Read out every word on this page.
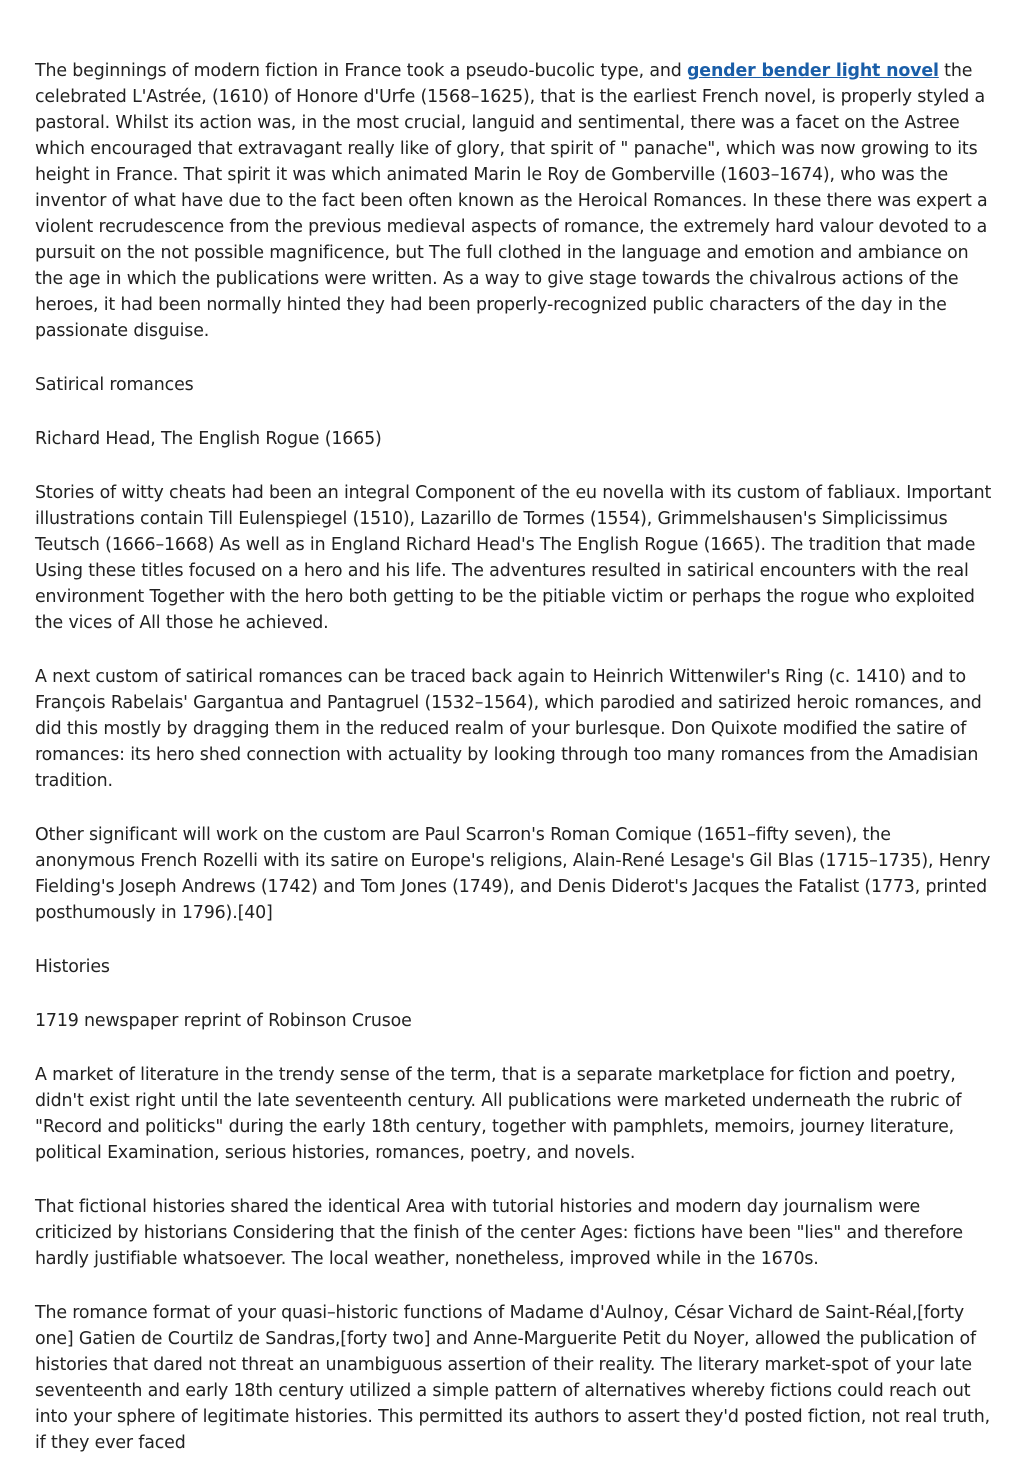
The beginnings of modern fiction in France took a pseudo-bucolic type, and gender bender light novel the celebrated L'Astrée, (1610) of Honore d'Urfe (1568–1625), that is the earliest French novel, is properly styled a pastoral. Whilst its action was, in the most crucial, languid and sentimental, there was a facet on the Astree which encouraged that extravagant really like of glory, that spirit of " panache", which was now growing to its height in France. That spirit it was which animated Marin le Roy de Gomberville (1603–1674), who was the inventor of what have due to the fact been often known as the Heroical Romances. In these there was expert a violent recrudescence from the previous medieval aspects of romance, the extremely hard valour devoted to a pursuit on the not possible magnificence, but The full clothed in the language and emotion and ambiance on the age in which the publications were written. As a way to give stage towards the chivalrous actions of the heroes, it had been normally hinted they had been properly-recognized public characters of the day in the passionate disguise.

Satirical romances

Richard Head, The English Rogue (1665)

Stories of witty cheats had been an integral Component of the eu novella with its custom of fabliaux. Important illustrations contain Till Eulenspiegel (1510), Lazarillo de Tormes (1554), Grimmelshausen's Simplicissimus Teutsch (1666–1668) As well as in England Richard Head's The English Rogue (1665). The tradition that made Using these titles focused on a hero and his life. The adventures resulted in satirical encounters with the real environment Together with the hero both getting to be the pitiable victim or perhaps the rogue who exploited the vices of All those he achieved.

A next custom of satirical romances can be traced back again to Heinrich Wittenwiler's Ring (c. 1410) and to François Rabelais' Gargantua and Pantagruel (1532–1564), which parodied and satirized heroic romances, and did this mostly by dragging them in the reduced realm of your burlesque. Don Quixote modified the satire of romances: its hero shed connection with actuality by looking through too many romances from the Amadisian tradition.

Other significant will work on the custom are Paul Scarron's Roman Comique (1651–fifty seven), the anonymous French Rozelli with its satire on Europe's religions, Alain-René Lesage's Gil Blas (1715–1735), Henry Fielding's Joseph Andrews (1742) and Tom Jones (1749), and Denis Diderot's Jacques the Fatalist (1773, printed posthumously in 1796).[40]

Histories

1719 newspaper reprint of Robinson Crusoe

A market of literature in the trendy sense of the term, that is a separate marketplace for fiction and poetry, didn't exist right until the late seventeenth century. All publications were marketed underneath the rubric of "Record and politicks" during the early 18th century, together with pamphlets, memoirs, journey literature, political Examination, serious histories, romances, poetry, and novels.

That fictional histories shared the identical Area with tutorial histories and modern day journalism were criticized by historians Considering that the finish of the center Ages: fictions have been "lies" and therefore hardly justifiable whatsoever. The local weather, nonetheless, improved while in the 1670s.

The romance format of your quasi–historic functions of Madame d'Aulnoy, César Vichard de Saint-Réal,[forty one] Gatien de Courtilz de Sandras,[forty two] and Anne-Marguerite Petit du Noyer, allowed the publication of histories that dared not threat an unambiguous assertion of their reality. The literary market-spot of your late seventeenth and early 18th century utilized a simple pattern of alternatives whereby fictions could reach out into your sphere of legitimate histories. This permitted its authors to assert they'd posted fiction, not real truth, if they ever faced
